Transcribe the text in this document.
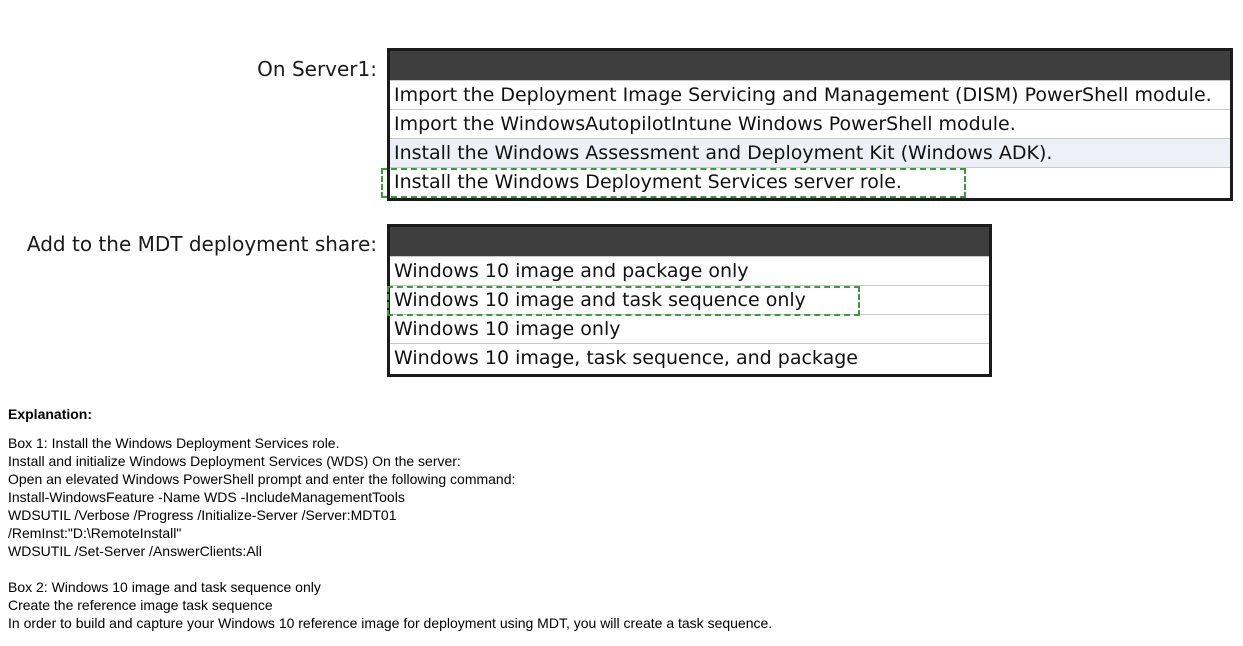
On Server1:
Import the Deployment Image Servicing and Management (DISM) PowerShell module.
Import the WindowsAutopilotIntune Windows PowerShell module.
Install the Windows Assessment and Deployment Kit (Windows ADK).
Install the Windows Deployment Services server role.
Add to the MDT deployment share:
Windows 10 image and package only
Windows 10 image and task sequence only
Windows 10 image only
Windows 10 image, task sequence, and package
Explanation:
Box 1: Install the Windows Deployment Services role.
Install and initialize Windows Deployment Services (WDS) On the server:
Open an elevated Windows PowerShell prompt and enter the following command:
Install-WindowsFeature -Name WDS -IncludeManagementTools
WDSUTIL /Verbose /Progress /Initialize-Server /Server:MDT01
/RemInst:"D:\RemoteInstall"
WDSUTIL /Set-Server /AnswerClients:All
Box 2: Windows 10 image and task sequence only
Create the reference image task sequence
In order to build and capture your Windows 10 reference image for deployment using MDT, you will create a task sequence.
